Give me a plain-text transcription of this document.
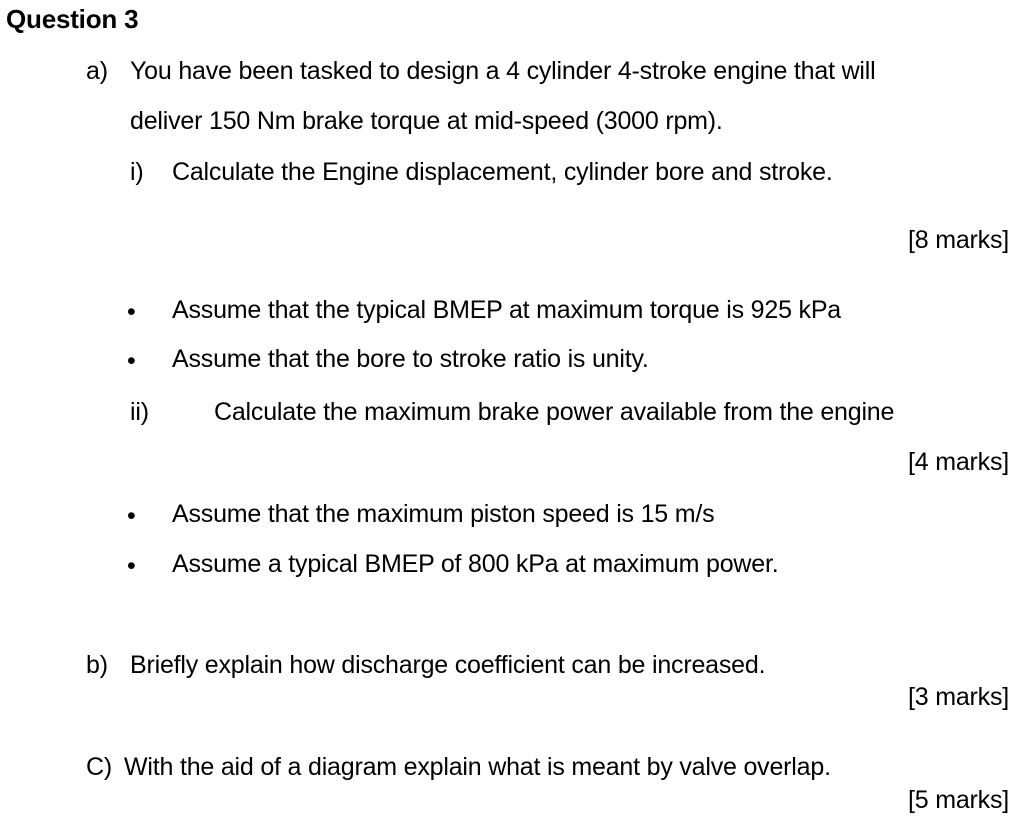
Question 3
a) You have been tasked to design a 4 cylinder 4-stroke engine that will
deliver 150 Nm brake torque at mid-speed (3000 rpm).
i) Calculate the Engine displacement, cylinder bore and stroke.
[8 marks]
• Assume that the typical BMEP at maximum torque is 925 kPa
• Assume that the bore to stroke ratio is unity.
ii)	Calculate the maximum brake power available from the engine
[4 marks]
• Assume that the maximum piston speed is 15 m/s
• Assume a typical BMEP of 800 kPa at maximum power.
b) Briefly explain how discharge coefficient can be increased.
[3 marks]
C) With the aid of a diagram explain what is meant by valve overlap.
[5 marks]
